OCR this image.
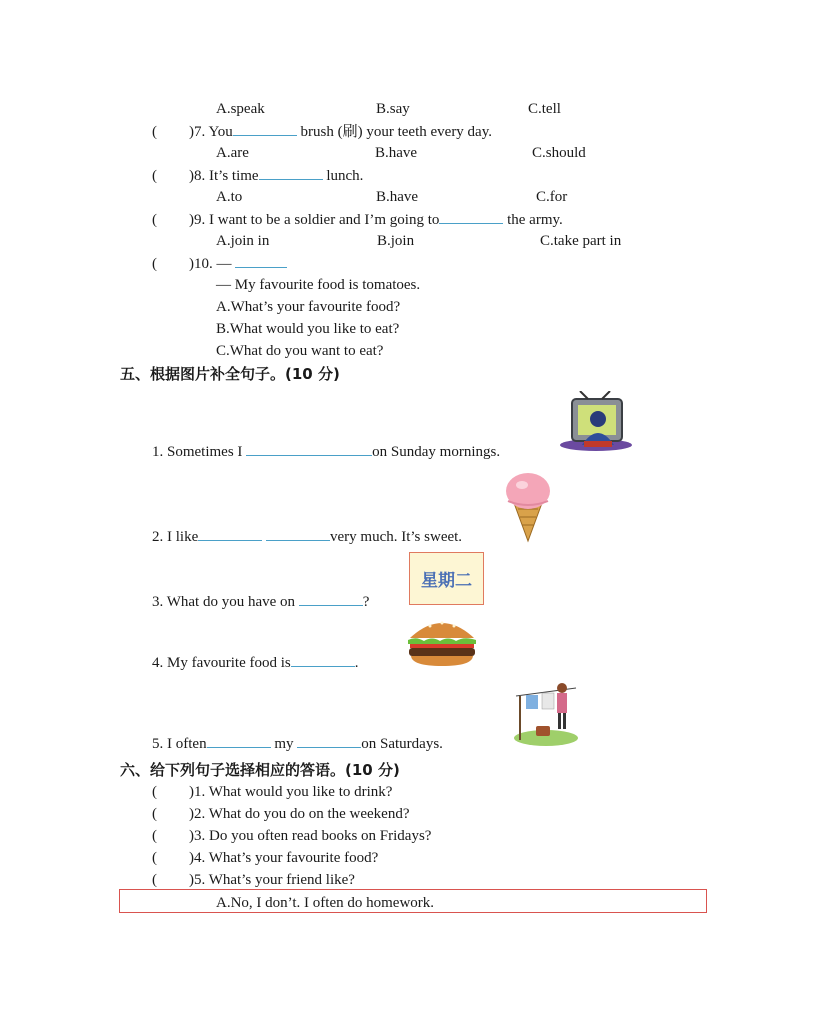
A.speak	B.say	C.tell
( )7. You	brush (刷) your teeth every day.
A.are	B.have	C.should
( )8. It’s time	lunch.
A.to	B.have	C.for
( )9. I want to be a soldier and I’m going to	the army.
A.join in	B.join	C.take part in
( )10. —
— My favourite food is tomatoes.
A.What’s your favourite food?
B.What would you like to eat?
C.What do you want to eat?
五、根据图片补全句子。(10 分)
1. Sometimes I	on Sunday mornings.
2. I like	very much. It’s sweet.
3. What do you have on	?
星期二
4. My favourite food is	.
5. I often	my	on Saturdays.
六、给下列句子选择相应的答语。(10 分)
( )1. What would you like to drink?
( )2. What do you do on the weekend?
( )3. Do you often read books on Fridays?
( )4. What’s your favourite food?
( )5. What’s your friend like?
A.No, I don’t. I often do homework.
